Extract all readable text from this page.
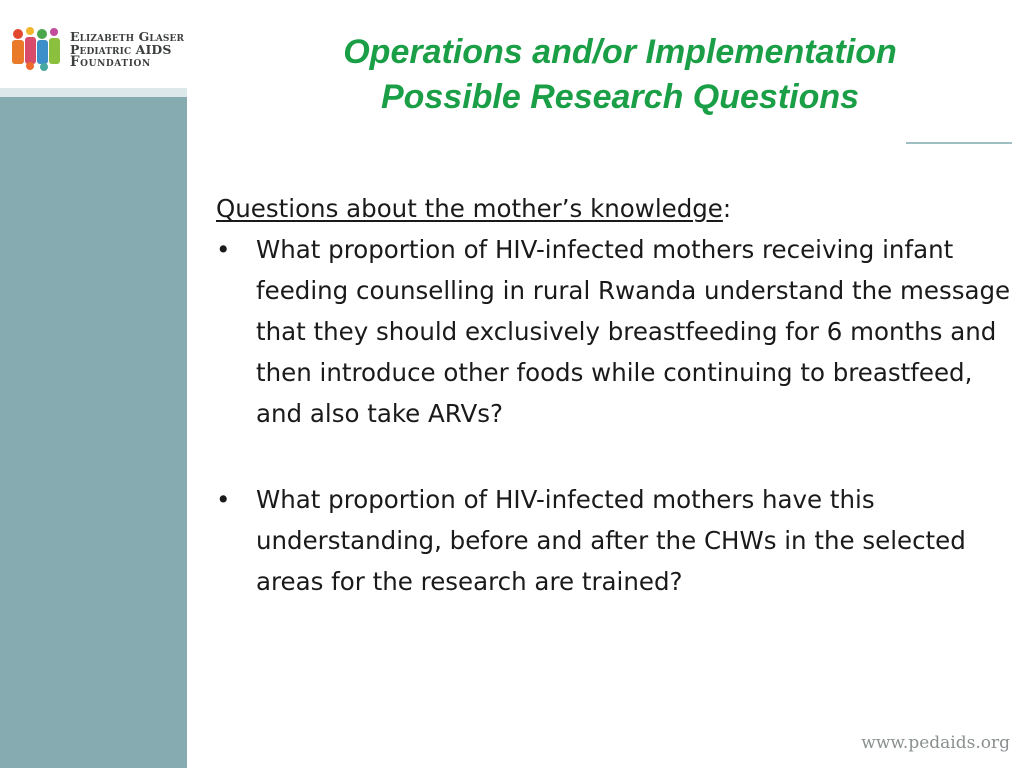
Elizabeth Glaser
Pediatric AIDS
Foundation	Operations and/or Implementation
Possible Research Questions

Questions about the mother’s knowledge:

• What proportion of HIV-infected mothers receiving infant feeding counselling in rural Rwanda understand the message that they should exclusively breastfeeding for 6 months and then introduce other foods while continuing to breastfeed, and also take ARVs?
• What proportion of HIV-infected mothers have this understanding, before and after the CHWs in the selected areas for the research are trained?
www.pedaids.org
